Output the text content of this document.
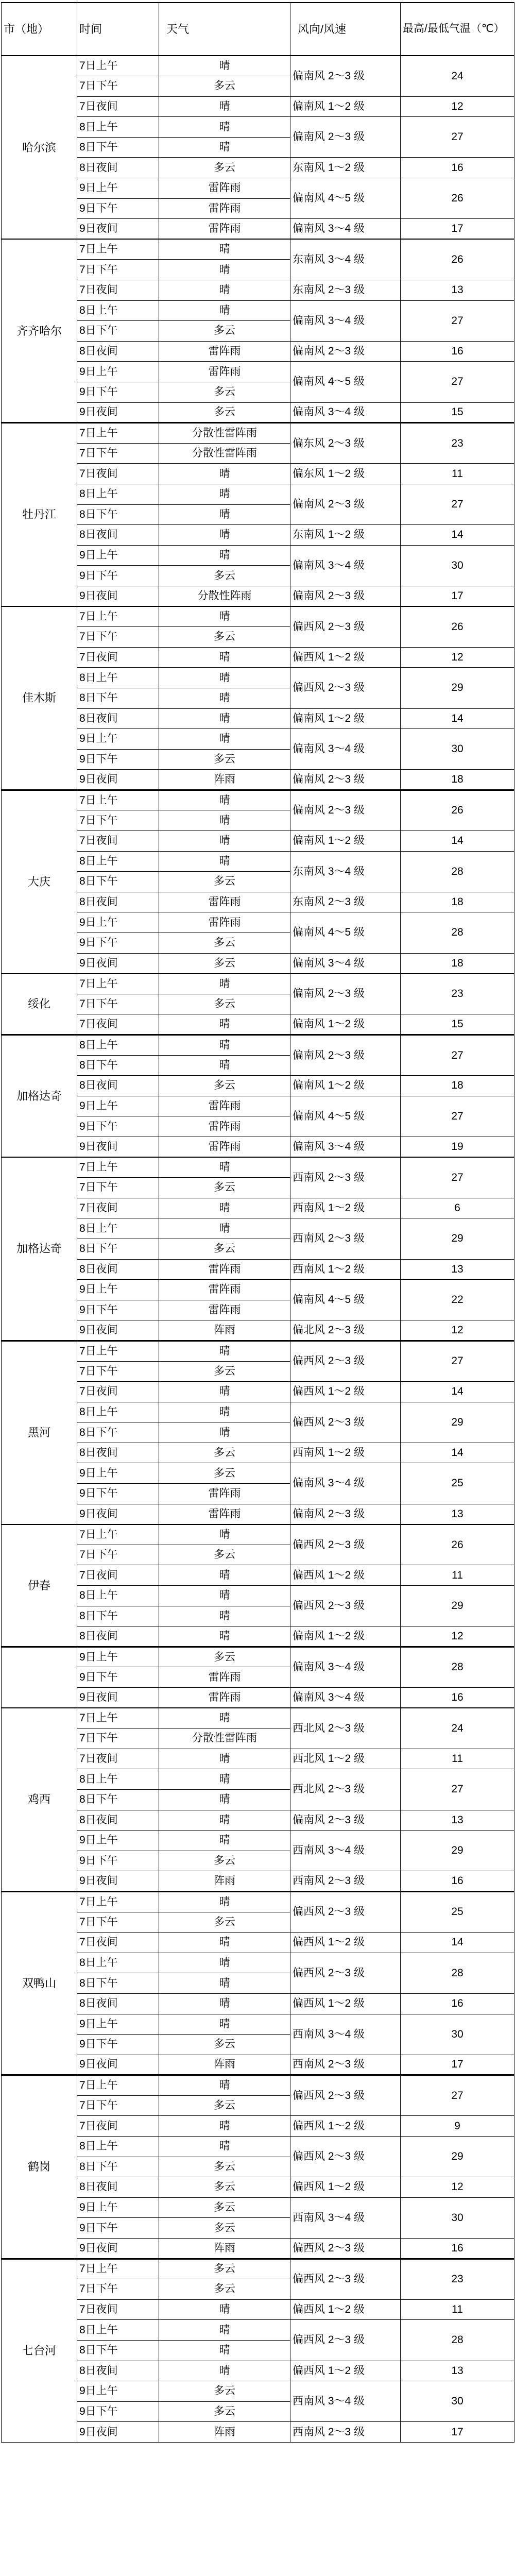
市（地）	时间	天气	风向/风速	最高/最低气温（℃）
哈尔滨	7日上午	晴	偏南风 2～3 级	24
	7日下午	多云		
	7日夜间	晴	偏南风 1～2 级	12
	8日上午	晴	偏南风 2～3 级	27
	8日下午	晴		
	8日夜间	多云	东南风 1～2 级	16
	9日上午	雷阵雨	偏南风 4～5 级	26
	9日下午	雷阵雨		
	9日夜间	雷阵雨	偏南风 3～4 级	17
齐齐哈尔	7日上午	晴	东南风 3～4 级	26
	7日下午	晴		
	7日夜间	晴	东南风 2～3 级	13
	8日上午	晴	偏南风 3～4 级	27
	8日下午	多云		
	8日夜间	雷阵雨	偏南风 2～3 级	16
	9日上午	雷阵雨	偏南风 4～5 级	27
	9日下午	多云		
	9日夜间	多云	偏南风 3～4 级	15
牡丹江	7日上午	分散性雷阵雨	偏东风 2～3 级	23
	7日下午	分散性雷阵雨		
	7日夜间	晴	偏东风 1～2 级	11
	8日上午	晴	偏南风 2～3 级	27
	8日下午	晴		
	8日夜间	晴	东南风 1～2 级	14
	9日上午	晴	偏南风 3～4 级	30
	9日下午	多云		
	9日夜间	分散性阵雨	偏南风 2～3 级	17
佳木斯	7日上午	晴	偏西风 2～3 级	26
	7日下午	多云		
	7日夜间	晴	偏西风 1～2 级	12
	8日上午	晴	偏西风 2～3 级	29
	8日下午	晴		
	8日夜间	晴	偏南风 1～2 级	14
	9日上午	晴	偏南风 3～4 级	30
	9日下午	多云		
	9日夜间	阵雨	偏南风 2～3 级	18
大庆	7日上午	晴	偏南风 2～3 级	26
	7日下午	晴		
	7日夜间	晴	偏南风 1～2 级	14
	8日上午	晴	东南风 3～4 级	28
	8日下午	多云		
	8日夜间	雷阵雨	东南风 2～3 级	18
	9日上午	雷阵雨	偏南风 4～5 级	28
	9日下午	多云		
	9日夜间	多云	偏南风 3～4 级	18
绥化	7日上午	晴	偏南风 2～3 级	23
	7日下午	多云		
	7日夜间	晴	偏南风 1～2 级	15
加格达奇	8日上午	晴	偏南风 2～3 级	27
	8日下午	晴		
	8日夜间	多云	偏南风 1～2 级	18
	9日上午	雷阵雨	偏南风 4～5 级	27
	9日下午	雷阵雨		
	9日夜间	雷阵雨	偏南风 3～4 级	19
加格达奇	7日上午	晴	西南风 2～3 级	27
	7日下午	多云		
	7日夜间	晴	西南风 1～2 级	6
	8日上午	晴	西南风 2～3 级	29
	8日下午	多云		
	8日夜间	雷阵雨	西南风 1～2 级	13
	9日上午	雷阵雨	偏南风 4～5 级	22
	9日下午	雷阵雨		
	9日夜间	阵雨	偏北风 2～3 级	12
黑河	7日上午	晴	偏西风 2～3 级	27
	7日下午	多云		
	7日夜间	晴	偏西风 1～2 级	14
	8日上午	晴	偏西风 2～3 级	29
	8日下午	晴		
	8日夜间	多云	西南风 1～2 级	14
	9日上午	多云	偏南风 3～4 级	25
	9日下午	雷阵雨		
	9日夜间	雷阵雨	偏南风 2～3 级	13
伊春	7日上午	晴	偏西风 2～3 级	26
	7日下午	多云		
	7日夜间	晴	偏西风 1～2 级	11
	8日上午	晴	偏西风 2～3 级	29
	8日下午	晴		
	8日夜间	晴	偏南风 1～2 级	12
	9日上午	多云	偏南风 3～4 级	28
	9日下午	雷阵雨		
	9日夜间	雷阵雨	偏南风 3～4 级	16
鸡西	7日上午	晴	西北风 2～3 级	24
	7日下午	分散性雷阵雨		
	7日夜间	晴	西北风 1～2 级	11
	8日上午	晴	西北风 2～3 级	27
	8日下午	晴		
	8日夜间	晴	偏南风 2～3 级	13
	9日上午	晴	西南风 3～4 级	29
	9日下午	多云		
	9日夜间	阵雨	西南风 2～3 级	16
双鸭山	7日上午	晴	偏西风 2～3 级	25
	7日下午	多云		
	7日夜间	晴	偏西风 1～2 级	14
	8日上午	晴	偏西风 2～3 级	28
	8日下午	晴		
	8日夜间	晴	偏西风 1～2 级	16
	9日上午	晴	西南风 3～4 级	30
	9日下午	多云		
	9日夜间	阵雨	西南风 2～3 级	17
鹤岗	7日上午	晴	偏西风 2～3 级	27
	7日下午	多云		
	7日夜间	晴	偏西风 1～2 级	9
	8日上午	晴	偏西风 2～3 级	29
	8日下午	多云		
	8日夜间	多云	偏西风 1～2 级	12
	9日上午	多云	西南风 3～4 级	30
	9日下午	多云		
	9日夜间	阵雨	偏西风 2～3 级	16
七台河	7日上午	多云	偏西风 2～3 级	23
	7日下午	多云		
	7日夜间	晴	偏西风 1～2 级	11
	8日上午	晴	偏西风 2～3 级	28
	8日下午	晴		
	8日夜间	晴	偏西风 1～2 级	13
	9日上午	多云	西南风 3～4 级	30
	9日下午	多云		
	9日夜间	阵雨	西南风 2～3 级	17
